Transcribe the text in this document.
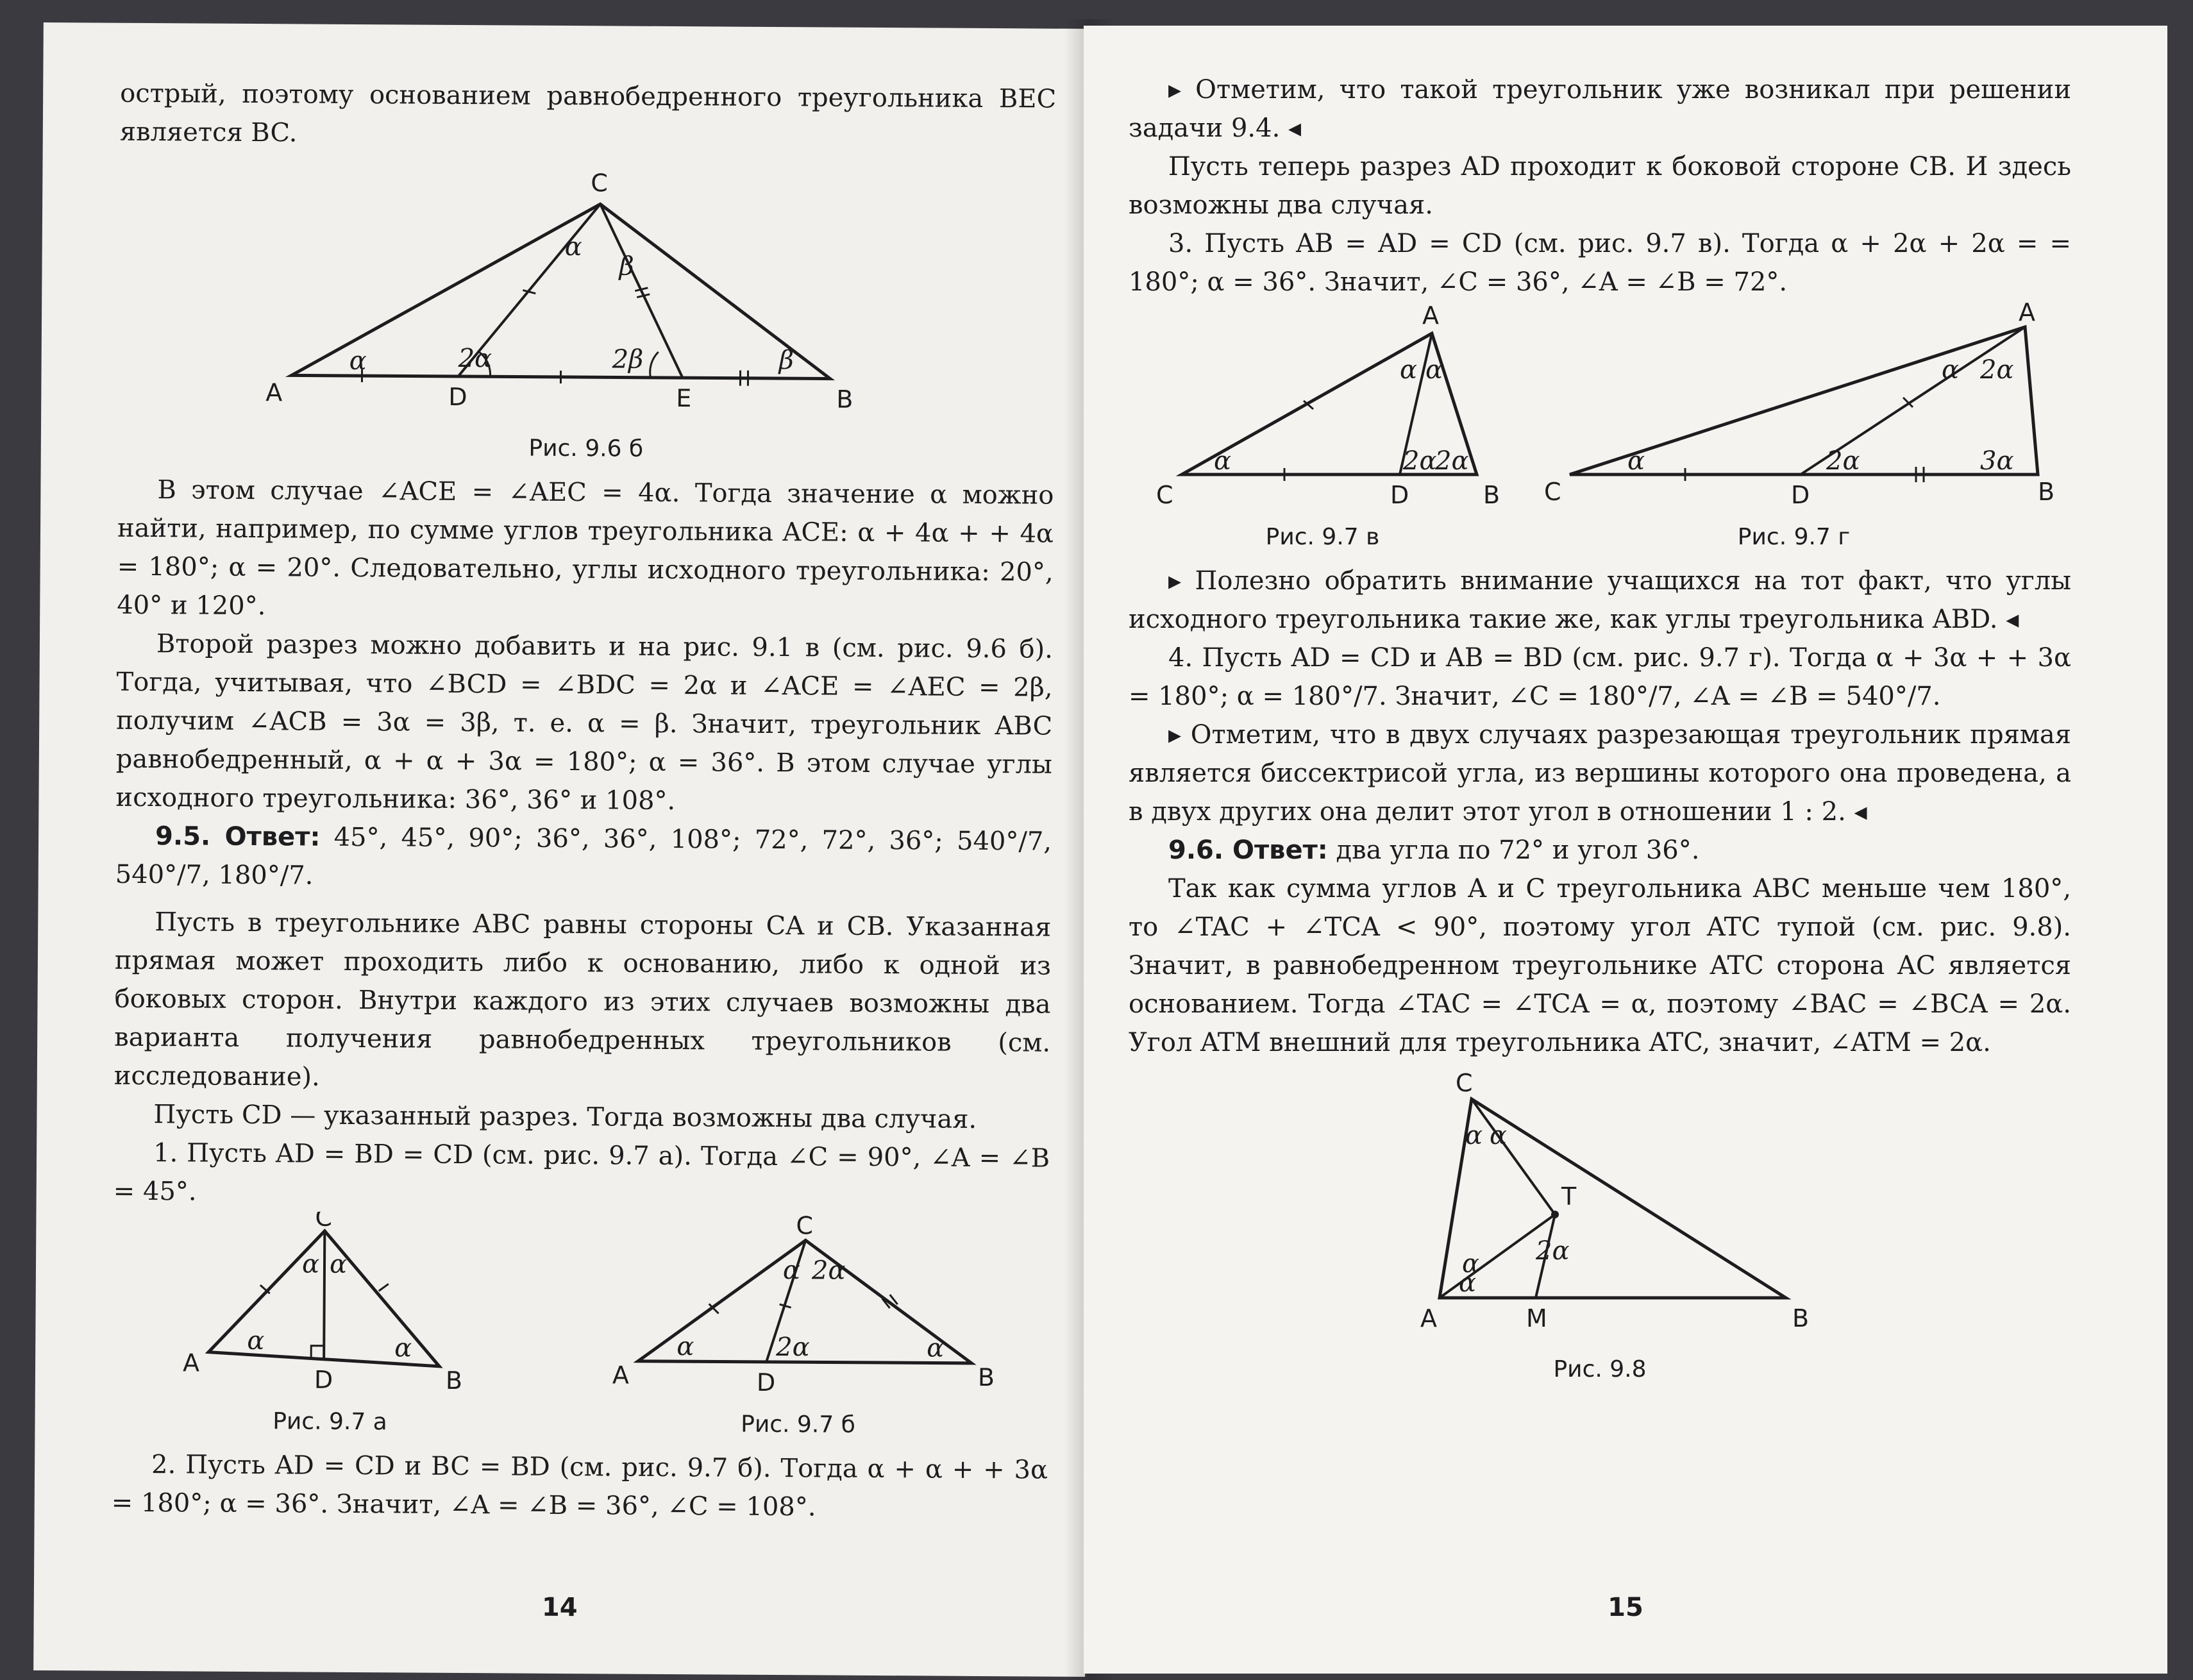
острый, поэтому основанием равнобедренного треугольника BEC является BC.

A	D	E	B
C
α
β
α	2α	2β	β

Рис. 9.6 б

В этом случае ∠ACE = ∠AEC = 4α. Тогда значение α можно найти, например, по сумме углов треугольника ACE: α + 4α + + 4α = 180°; α = 20°. Следовательно, углы исходного треугольника: 20°, 40° и 120°.

Второй разрез можно добавить и на рис. 9.1 в (см. рис. 9.6 б). Тогда, учитывая, что ∠BCD = ∠BDC = 2α и ∠ACE = ∠AEC = 2β, получим ∠ACB = 3α = 3β, т. е. α = β. Значит, треугольник ABC равнобедренный, α + α + 3α = 180°; α = 36°. В этом случае углы исходного треугольника: 36°, 36° и 108°.

9.5. Ответ: 45°, 45°, 90°; 36°, 36°, 108°; 72°, 72°, 36°; 540°/7, 540°/7, 180°/7.

Пусть в треугольнике ABC равны стороны CA и CB. Указанная прямая может проходить либо к основанию, либо к одной из боковых сторон. Внутри каждого из этих случаев возможны два варианта получения равнобедренных треугольников (см. исследование).

Пусть CD — указанный разрез. Тогда возможны два случая.

1. Пусть AD = BD = CD (см. рис. 9.7 а). Тогда ∠C = 90°, ∠A = ∠B = 45°.

A
D	B
C
α α
α	α

Рис. 9.7 а

A	D	B
C
α 2α
α	2α	α

Рис. 9.7 б

2. Пусть AD = CD и BC = BD (см. рис. 9.7 б). Тогда α + α + + 3α = 180°; α = 36°. Значит, ∠A = ∠B = 36°, ∠C = 108°.

14

▸ Отметим, что такой треугольник уже возникал при решении задачи 9.4. ◂

Пусть теперь разрез AD проходит к боковой стороне CB. И здесь возможны два случая.

3. Пусть AB = AD = CD (см. рис. 9.7 в). Тогда α + 2α + 2α = = 180°; α = 36°. Значит, ∠C = 36°, ∠A = ∠B = 72°.

C
A
D	B
α α
α	2α
2α

Рис. 9.7 в

C
A
D	B
α 2α
α	2α	3α

Рис. 9.7 г

▸ Полезно обратить внимание учащихся на тот факт, что углы исходного треугольника такие же, как углы треугольника ABD. ◂

4. Пусть AD = CD и AB = BD (см. рис. 9.7 г). Тогда α + 3α + + 3α = 180°; α = 180°/7. Значит, ∠C = 180°/7, ∠A = ∠B = 540°/7.

▸ Отметим, что в двух случаях разрезающая треугольник прямая является биссектрисой угла, из вершины которого она проведена, а в двух других она делит этот угол в отношении 1 : 2. ◂

9.6. Ответ: два угла по 72° и угол 36°.

Так как сумма углов A и C треугольника ABC меньше чем 180°, то ∠TAC + ∠TCA < 90°, поэтому угол ATC тупой (см. рис. 9.8). Значит, в равнобедренном треугольнике ATC сторона AC является основанием. Тогда ∠TAC = ∠TCA = α, поэтому ∠BAC = ∠BCA = 2α. Угол ATM внешний для треугольника ATC, значит, ∠ATM = 2α.

C
T
A	M	B
α α
α
α
2α

Рис. 9.8

15
